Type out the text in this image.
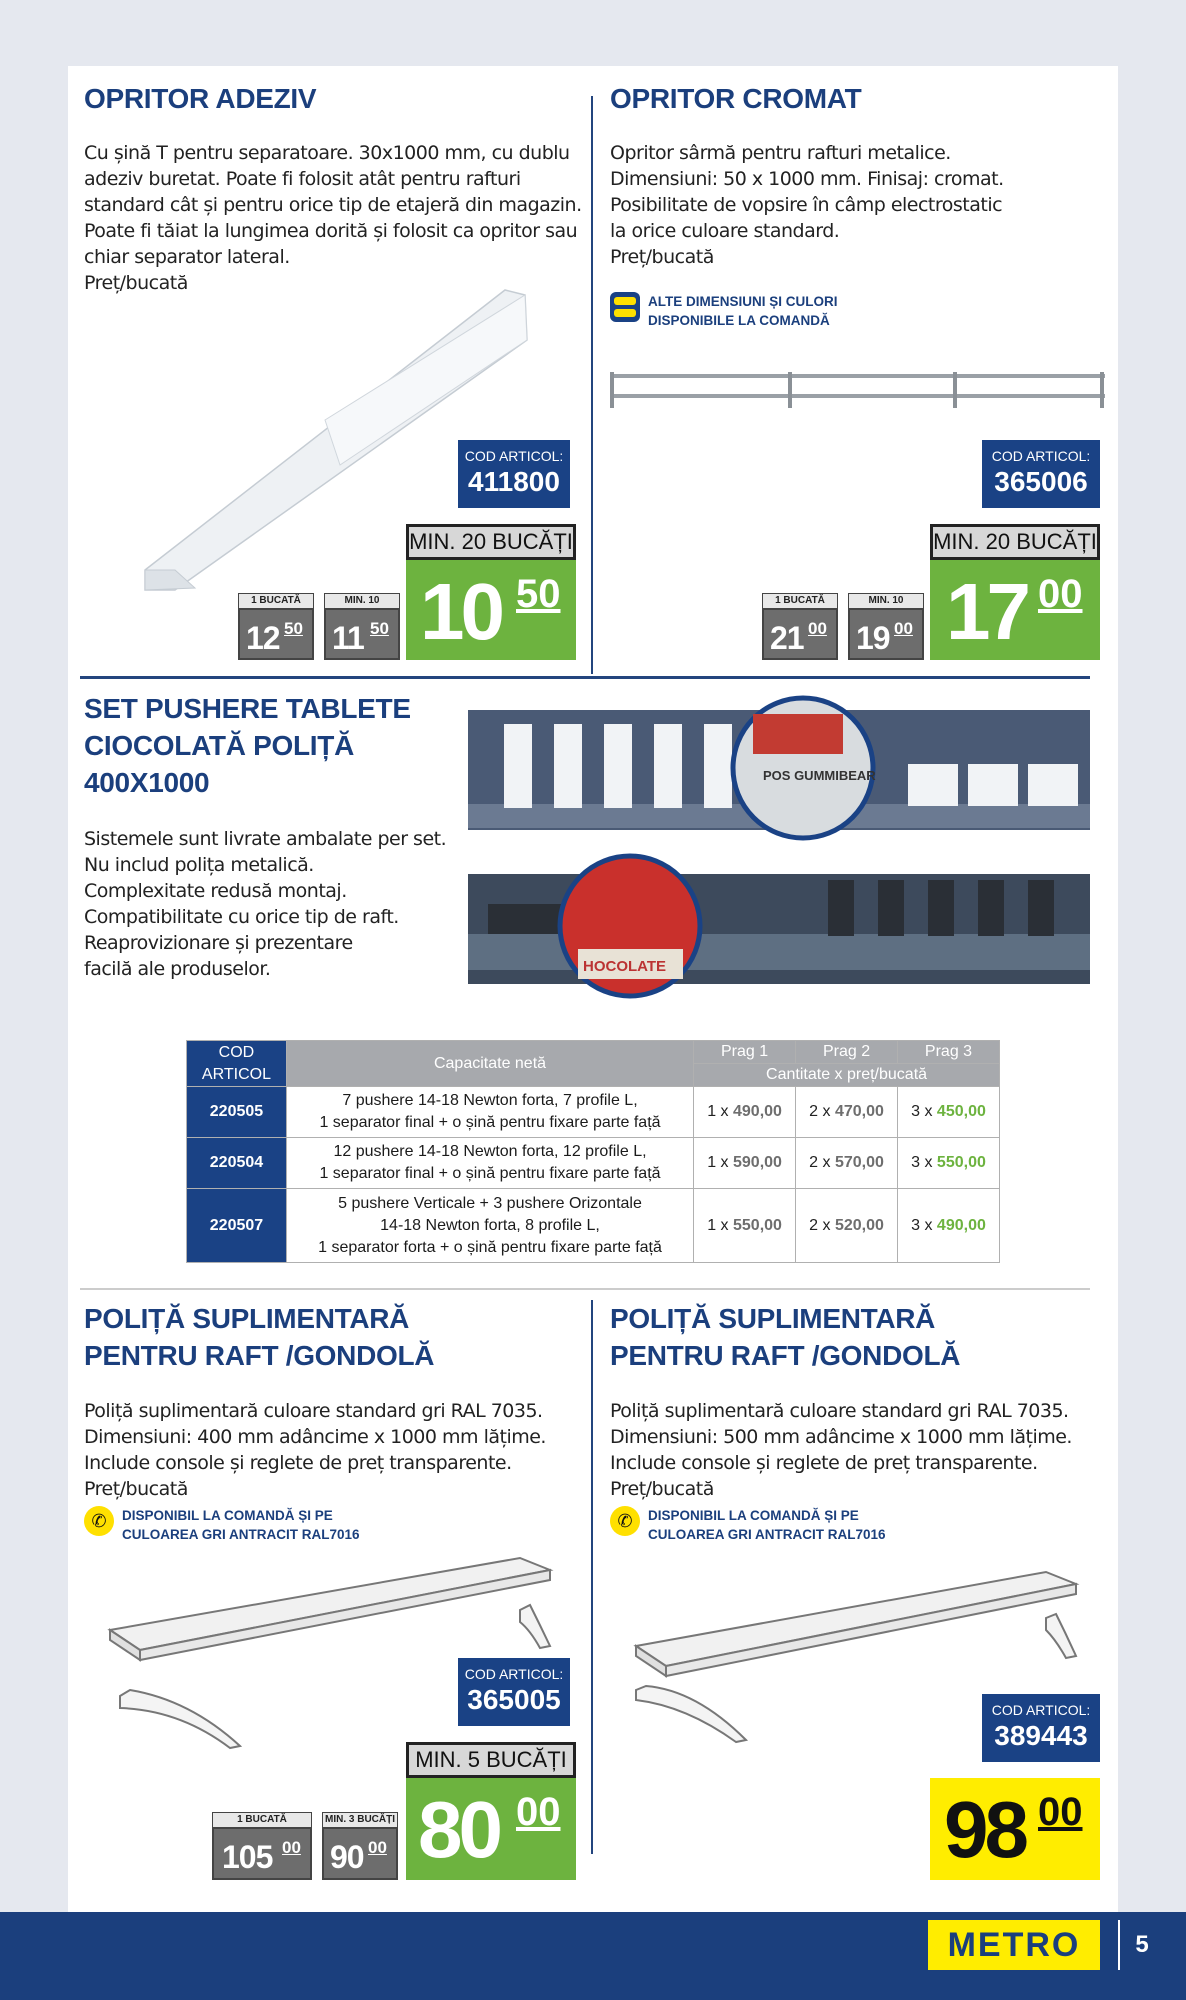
OPRITOR ADEZIV

Cu șină T pentru separatoare. 30x1000 mm, cu dublu

adeziv buretat. Poate fi folosit atât pentru rafturi

standard cât și pentru orice tip de etajeră din magazin.

Poate fi tăiat la lungimea dorită și folosit ca opritor sau

chiar separator lateral.

Preț/bucată

COD ARTICOL:
411800
MIN. 20 BUCĂȚI
10 50
1 BUCATĂ
12 50
MIN. 10
11 50
OPRITOR CROMAT

Opritor sârmă pentru rafturi metalice.

Dimensiuni: 50 x 1000 mm. Finisaj: cromat.

Posibilitate de vopsire în câmp electrostatic

la orice culoare standard.

Preț/bucată

ALTE DIMENSIUNI ȘI CULORI
DISPONIBILE LA COMANDĂ
COD ARTICOL:
365006
MIN. 20 BUCĂȚI
17 00
1 BUCATĂ
21 00
MIN. 10
19 00
SET PUSHERE TABLETE
CIOCOLATĂ POLIȚĂ
400X1000

Sistemele sunt livrate ambalate per set.

Nu includ polița metalică.

Complexitate redusă montaj.

Compatibilitate cu orice tip de raft.

Reaprovizionare și prezentare

facilă ale produselor.

POS GUMMIBEAR
HOCOLATE
COD
ARTICOL	Capacitate netă	Prag 1	Prag 2	Prag 3
		Cantitate x preț/bucată		
220505	7 pushere 14-18 Newton forta, 7 profile L,
1 separator final + o șină pentru fixare parte față	1 x 490,00	2 x 470,00	3 x 450,00
220504	12 pushere 14-18 Newton forta, 12 profile L,
1 separator final + o șină pentru fixare parte față	1 x 590,00	2 x 570,00	3 x 550,00
220507	5 pushere Verticale + 3 pushere Orizontale
14-18 Newton forta, 8 profile L,
1 separator forta + o șină pentru fixare parte față	1 x 550,00	2 x 520,00	3 x 490,00
POLIȚĂ SUPLIMENTARĂ
PENTRU RAFT /GONDOLĂ

Poliță suplimentară culoare standard gri RAL 7035.

Dimensiuni: 400 mm adâncime x 1000 mm lățime.

Include console și reglete de preț transparente.

Preț/bucată

✆	DISPONIBIL LA COMANDĂ ȘI PE
CULOAREA GRI ANTRACIT RAL7016
COD ARTICOL:
365005
MIN. 5 BUCĂȚI
80 00
1 BUCATĂ
105 00
MIN. 3 BUCĂȚI
90 00
POLIȚĂ SUPLIMENTARĂ
PENTRU RAFT /GONDOLĂ

Poliță suplimentară culoare standard gri RAL 7035.

Dimensiuni: 500 mm adâncime x 1000 mm lățime.

Include console și reglete de preț transparente.

Preț/bucată

✆	DISPONIBIL LA COMANDĂ ȘI PE
CULOAREA GRI ANTRACIT RAL7016
COD ARTICOL:
389443
98 00
METRO	5
